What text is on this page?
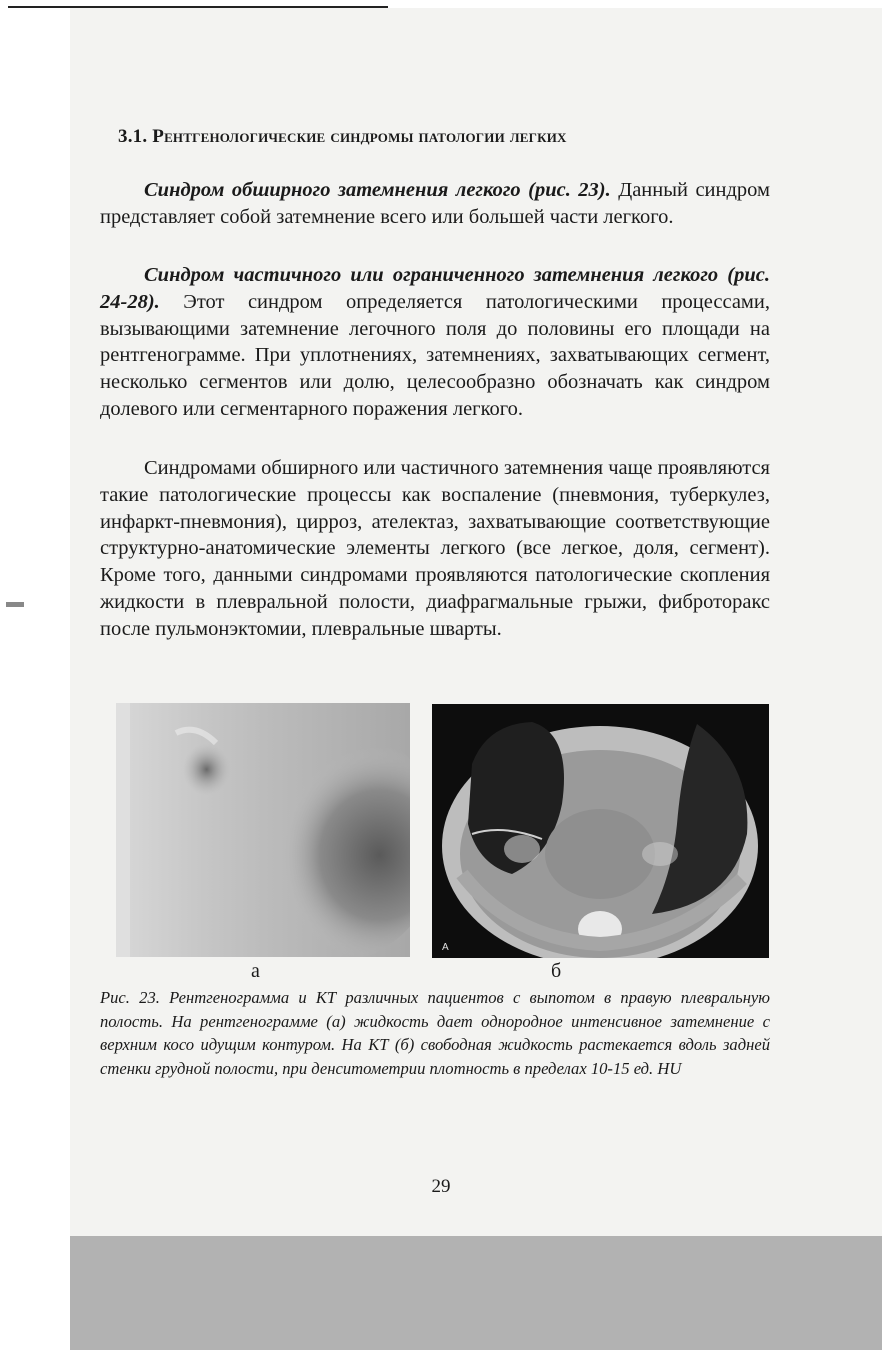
3.1. Рентгенологические синдромы патологии легких
Синдром обширного затемнения легкого (рис. 23). Данный синдром представляет собой затемнение всего или большей части легкого.
Синдром частичного или ограниченного затемнения легкого (рис. 24-28). Этот синдром определяется патологическими процессами, вызывающими затемнение легочного поля до половины его площади на рентгенограмме. При уплотнениях, затемнениях, захватывающих сегмент, несколько сегментов или долю, целесообразно обозначать как синдром долевого или сегментарного поражения легкого.
Синдромами обширного или частичного затемнения чаще проявляются такие патологические процессы как воспаление (пневмония, туберкулез, инфаркт-пневмония), цирроз, ателектаз, захватывающие соответствующие структурно-анатомические элементы легкого (все легкое, доля, сегмент). Кроме того, данными синдромами проявляются патологические скопления жидкости в плевральной полости, диафрагмальные грыжи, фиброторакс после пульмонэктомии, плевральные шварты.
A
а	б
Рис. 23. Рентгенограмма и КТ различных пациентов с выпотом в правую плевральную полость. На рентгенограмме (а) жидкость дает однородное интенсивное затемнение с верхним косо идущим контуром. На КТ (б) свободная жидкость растекается вдоль задней стенки грудной полости, при денситометрии плотность в пределах 10-15 ед. HU
29
